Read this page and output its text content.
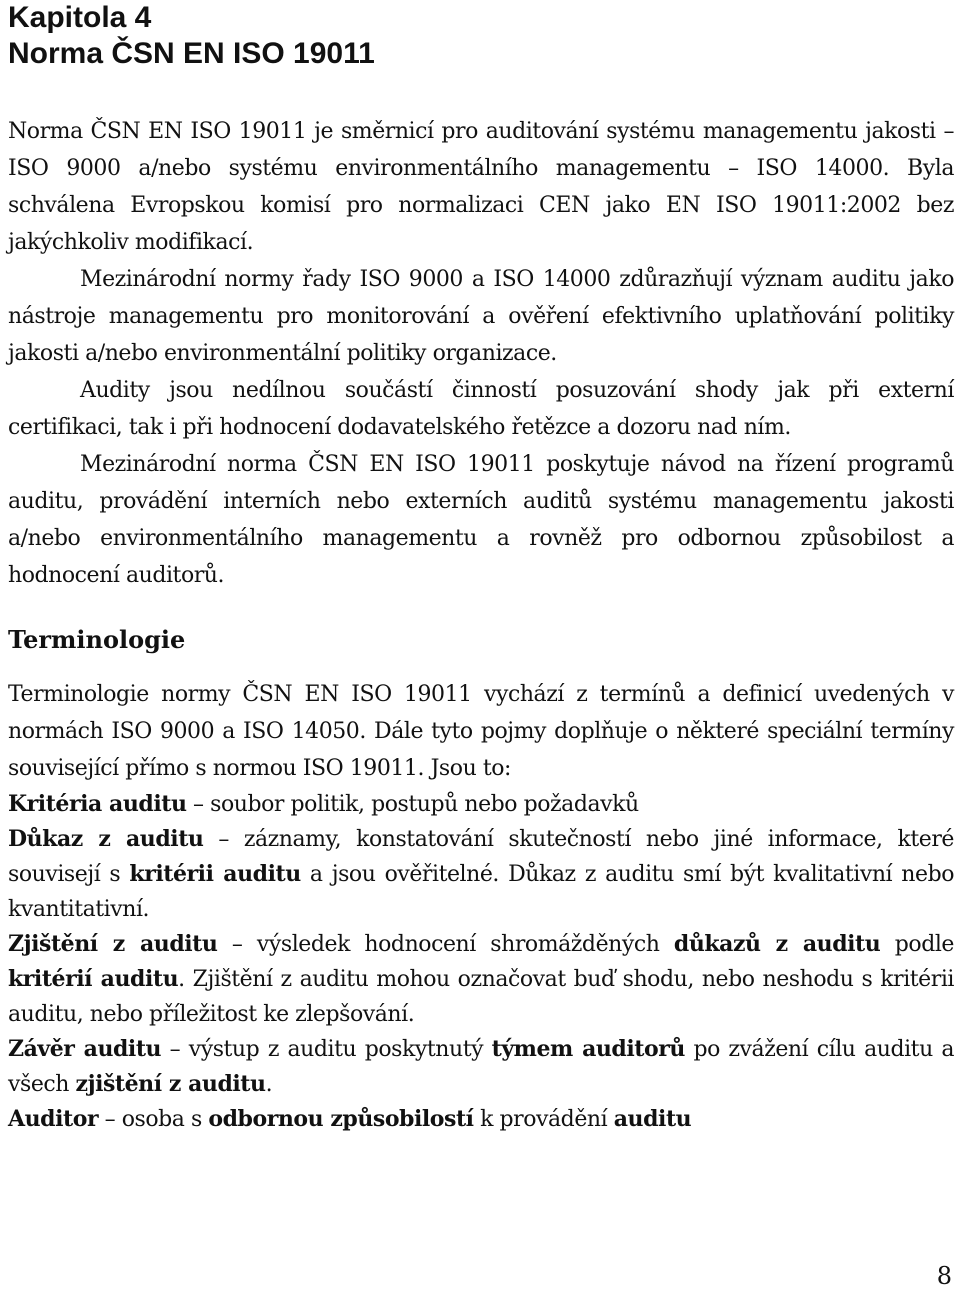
Kapitola 4
Norma ČSN EN ISO 19011

Norma ČSN EN ISO 19011 je směrnicí pro auditování systému managementu jakosti – ISO 9000 a/nebo systému environmentálního managementu – ISO 14000. Byla schválena Evropskou komisí pro normalizaci CEN jako EN ISO 19011:2002 bez jakýchkoliv modifikací.

Mezinárodní normy řady ISO 9000 a ISO 14000 zdůrazňují význam auditu jako nástroje managementu pro monitorování a ověření efektivního uplatňování politiky jakosti a/nebo environmentální politiky organizace.

Audity jsou nedílnou součástí činností posuzování shody jak při externí certifikaci, tak i při hodnocení dodavatelského řetězce a dozoru nad ním.

Mezinárodní norma ČSN EN ISO 19011 poskytuje návod na řízení programů auditu, provádění interních nebo externích auditů systému managementu jakosti a/nebo environmentálního managementu a rovněž pro odbornou způsobilost a hodnocení auditorů.

Terminologie

Terminologie normy ČSN EN ISO 19011 vychází z termínů a definicí uvedených v normách ISO 9000 a ISO 14050. Dále tyto pojmy doplňuje o některé speciální termíny související přímo s normou ISO 19011. Jsou to:

Kritéria auditu – soubor politik, postupů nebo požadavků

Důkaz z auditu – záznamy, konstatování skutečností nebo jiné informace, které souvisejí s kritérii auditu a jsou ověřitelné. Důkaz z auditu smí být kvalitativní nebo kvantitativní.

Zjištění z auditu – výsledek hodnocení shromážděných důkazů z auditu podle kritérií auditu. Zjištění z auditu mohou označovat buď shodu, nebo neshodu s kritérii auditu, nebo příležitost ke zlepšování.

Závěr auditu – výstup z auditu poskytnutý týmem auditorů po zvážení cílu auditu a všech zjištění z auditu.

Auditor – osoba s odbornou způsobilostí k provádění auditu

8
